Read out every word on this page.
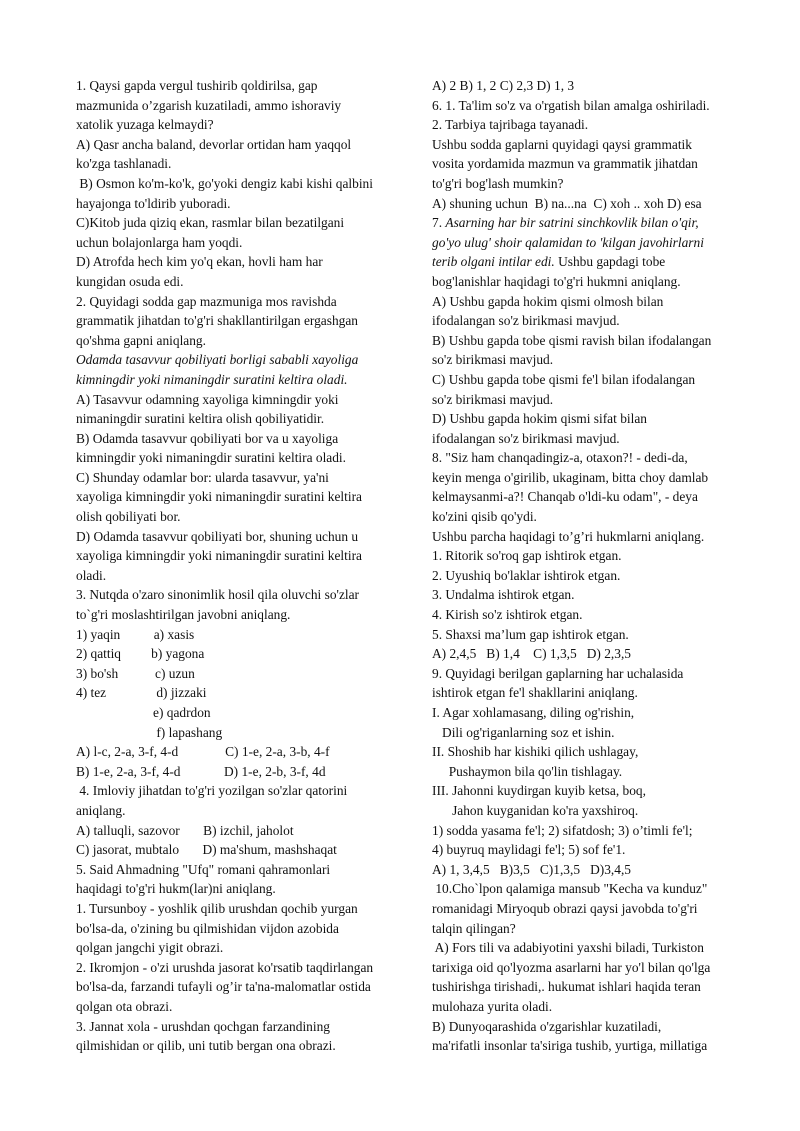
1. Qaysi gapda vergul tushirib qoldirilsa, gap
mazmunida o’zgarish kuzatiladi, ammo ishoraviy
xatolik yuzaga kelmaydi?
A) Qasr ancha baland, devorlar ortidan ham yaqqol
ko'zga tashlanadi.
B) Osmon ko'm-ko'k, go'yoki dengiz kabi kishi qalbini
hayajonga to'ldirib yuboradi.
C)Kitob juda qiziq ekan, rasmlar bilan bezatilgani
uchun bolajonlarga ham yoqdi.
D) Atrofda hech kim yo'q ekan, hovli ham har
kungidan osuda edi.
2. Quyidagi sodda gap mazmuniga mos ravishda
grammatik jihatdan to'g'ri shakllantirilgan ergashgan
qo'shma gapni aniqlang.
Odamda tasavvur qobiliyati borligi sababli xayoliga
kimningdir yoki nimaningdir suratini keltira oladi.
A) Tasavvur odamning xayoliga kimningdir yoki
nimaningdir suratini keltira olish qobiliyatidir.
B) Odamda tasavvur qobiliyati bor va u xayoliga
kimningdir yoki nimaningdir suratini keltira oladi.
C) Shunday odamlar bor: ularda tasavvur, ya'ni
xayoliga kimningdir yoki nimaningdir suratini keltira
olish qobiliyati bor.
D) Odamda tasavvur qobiliyati bor, shuning uchun u
xayoliga kimningdir yoki nimaningdir suratini keltira
oladi.
3. Nutqda o'zaro sinonimlik hosil qila oluvchi so'zlar
to`g'ri moslashtirilgan javobni aniqlang.
1) yaqin          a) xasis
2) qattiq         b) yagona
3) bo'sh           c) uzun
4) tez               d) jizzaki
e) qadrdon
f) lapashang
A) l-c, 2-a, 3-f, 4-d              C) 1-e, 2-a, 3-b, 4-f
B) 1-e, 2-a, 3-f, 4-d             D) 1-e, 2-b, 3-f, 4d
4. Imloviy jihatdan to'g'ri yozilgan so'zlar qatorini
aniqlang.
A) talluqli, sazovor       B) izchil, jaholot
C) jasorat, mubtalo       D) ma'shum, mashshaqat
5. Said Ahmadning "Ufq" romani qahramonlari
haqidagi to'g'ri hukm(lar)ni aniqlang.
1. Tursunboy - yoshlik qilib urushdan qochib yurgan
bo'lsa-da, o'zining bu qilmishidan vijdon azobida
qolgan jangchi yigit obrazi.
2. Ikromjon - o'zi urushda jasorat ko'rsatib taqdirlangan
bo'lsa-da, farzandi tufayli og’ir ta'na-malomatlar ostida
qolgan ota obrazi.
3. Jannat xola - urushdan qochgan farzandining
qilmishidan or qilib, uni tutib bergan ona obrazi.
A) 2 B) 1, 2 C) 2,3 D) 1, 3
6. 1. Ta'lim so'z va o'rgatish bilan amalga oshiriladi.
2. Tarbiya tajribaga tayanadi.
Ushbu sodda gaplarni quyidagi qaysi grammatik
vosita yordamida mazmun va grammatik jihatdan
to'g'ri bog'lash mumkin?
A) shuning uchun  B) na...na  C) xoh .. xoh D) esa
7. Asarning har bir satrini sinchkovlik bilan o'qir,
go'yo ulug' shoir qalamidan to 'kilgan javohirlarni
terib olgani intilar edi. Ushbu gapdagi tobe
bog'lanishlar haqidagi to'g'ri hukmni aniqlang.
A) Ushbu gapda hokim qismi olmosh bilan
ifodalangan so'z birikmasi mavjud.
B) Ushbu gapda tobe qismi ravish bilan ifodalangan
so'z birikmasi mavjud.
C) Ushbu gapda tobe qismi fe'l bilan ifodalangan
so'z birikmasi mavjud.
D) Ushbu gapda hokim qismi sifat bilan
ifodalangan so'z birikmasi mavjud.
8. "Siz ham chanqadingiz-a, otaxon?! - dedi-da,
keyin menga o'girilib, ukaginam, bitta choy damlab
kelmaysanmi-a?! Chanqab o'ldi-ku odam", - deya
ko'zini qisib qo'ydi.
Ushbu parcha haqidagi to’g’ri hukmlarni aniqlang.
1. Ritorik so'roq gap ishtirok etgan.
2. Uyushiq bo'laklar ishtirok etgan.
3. Undalma ishtirok etgan.
4. Kirish so'z ishtirok etgan.
5. Shaxsi ma’lum gap ishtirok etgan.
A) 2,4,5   B) 1,4    C) 1,3,5   D) 2,3,5
9. Quyidagi berilgan gaplarning har uchalasida
ishtirok etgan fe'l shakllarini aniqlang.
I. Agar xohlamasang, diling og'rishin,
Dili og'riganlarning soz et ishin.
II. Shoshib har kishiki qilich ushlagay,
Pushaymon bila qo'lin tishlagay.
III. Jahonni kuydirgan kuyib ketsa, boq,
Jahon kuyganidan ko'ra yaxshiroq.
1) sodda yasama fe'l; 2) sifatdosh; 3) o’timli fe'l;
4) buyruq maylidagi fe'l; 5) sof fe'1.
A) 1, 3,4,5   B)3,5   C)1,3,5   D)3,4,5
10.Cho`lpon qalamiga mansub "Kecha va kunduz"
romanidagi Miryoqub obrazi qaysi javobda to'g'ri
talqin qilingan?
A) Fors tili va adabiyotini yaxshi biladi, Turkiston
tarixiga oid qo'lyozma asarlarni har yo'l bilan qo'lga
tushirishga tirishadi,. hukumat ishlari haqida teran
mulohaza yurita oladi.
B) Dunyoqarashida o'zgarishlar kuzatiladi,
ma'rifatli insonlar ta'siriga tushib, yurtiga, millatiga
